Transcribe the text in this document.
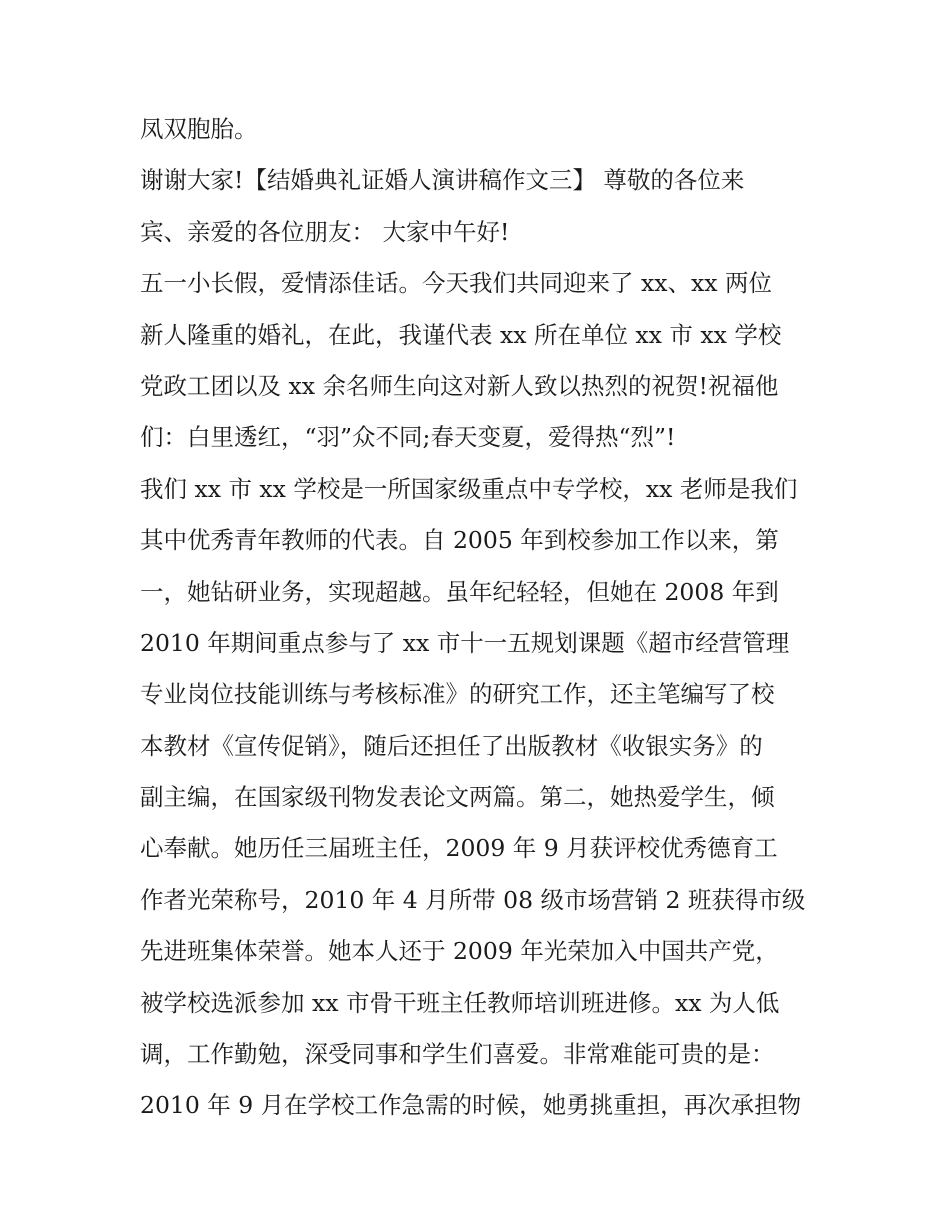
凤双胞胎。
谢谢大家!【结婚典礼证婚人演讲稿作文三】 尊敬的各位来
宾、亲爱的各位朋友： 大家中午好!
五一小长假，爱情添佳话。今天我们共同迎来了 xx、xx 两位
新人隆重的婚礼，在此，我谨代表 xx 所在单位 xx 市 xx 学校
党政工团以及 xx 余名师生向这对新人致以热烈的祝贺!祝福他
们：白里透红，“羽”众不同;春天变夏，爱得热“烈”!
我们 xx 市 xx 学校是一所国家级重点中专学校，xx 老师是我们
其中优秀青年教师的代表。自 2005 年到校参加工作以来，第
一，她钻研业务，实现超越。虽年纪轻轻，但她在 2008 年到
2010 年期间重点参与了 xx 市十一五规划课题《超市经营管理
专业岗位技能训练与考核标准》的研究工作，还主笔编写了校
本教材《宣传促销》，随后还担任了出版教材《收银实务》的
副主编，在国家级刊物发表论文两篇。第二，她热爱学生，倾
心奉献。她历任三届班主任，2009 年 9 月获评校优秀德育工
作者光荣称号，2010 年 4 月所带 08 级市场营销 2 班获得市级
先进班集体荣誉。她本人还于 2009 年光荣加入中国共产党，
被学校选派参加 xx 市骨干班主任教师培训班进修。xx 为人低
调，工作勤勉，深受同事和学生们喜爱。非常难能可贵的是：
2010 年 9 月在学校工作急需的时候，她勇挑重担，再次承担物
